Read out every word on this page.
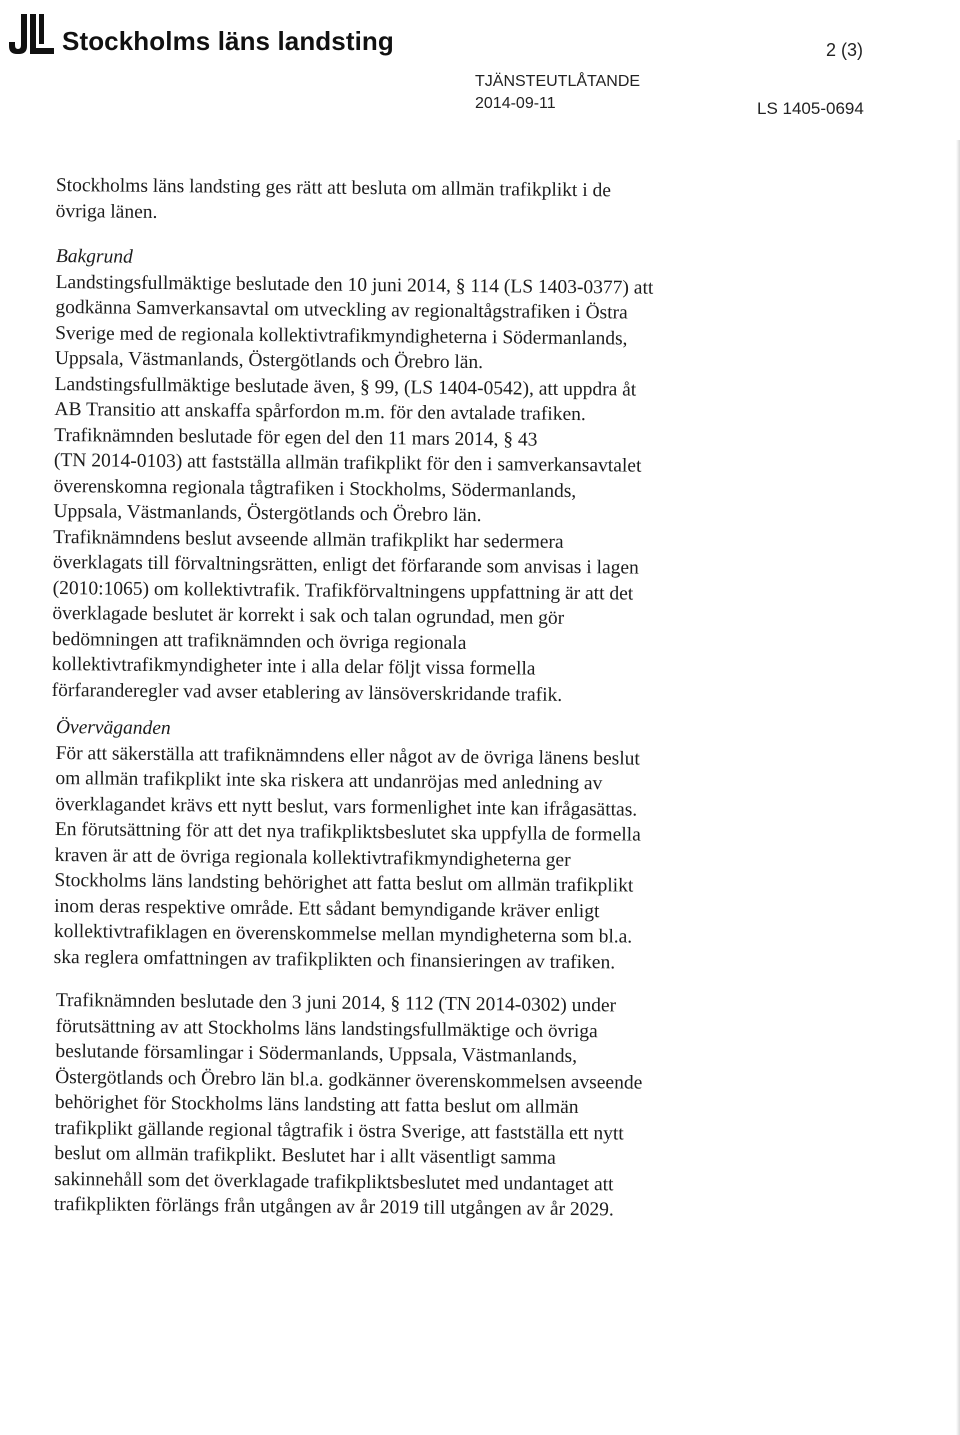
Stockholms läns landsting	2 (3)
TJÄNSTEUTLÅTANDE
2014-09-11	LS 1405-0694

Stockholms läns landsting ges rätt att besluta om allmän trafikplikt i de

övriga länen.

Bakgrund

Landstingsfullmäktige beslutade den 10 juni 2014, § 114 (LS 1403-0377) att

godkänna Samverkansavtal om utveckling av regionaltågstrafiken i Östra

Sverige med de regionala kollektivtrafikmyndigheterna i Södermanlands,

Uppsala, Västmanlands, Östergötlands och Örebro län.

Landstingsfullmäktige beslutade även, § 99, (LS 1404-0542), att uppdra åt

AB Transitio att anskaffa spårfordon m.m. för den avtalade trafiken.

Trafiknämnden beslutade för egen del den 11 mars 2014, § 43

(TN 2014-0103) att fastställa allmän trafikplikt för den i samverkansavtalet

överenskomna regionala tågtrafiken i Stockholms, Södermanlands,

Uppsala, Västmanlands, Östergötlands och Örebro län.

Trafiknämndens beslut avseende allmän trafikplikt har sedermera

överklagats till förvaltningsrätten, enligt det förfarande som anvisas i lagen

(2010:1065) om kollektivtrafik. Trafikförvaltningens uppfattning är att det

överklagade beslutet är korrekt i sak och talan ogrundad, men gör

bedömningen att trafiknämnden och övriga regionala

kollektivtrafikmyndigheter inte i alla delar följt vissa formella

förfaranderegler vad avser etablering av länsöverskridande trafik.

Överväganden

För att säkerställa att trafiknämndens eller något av de övriga länens beslut

om allmän trafikplikt inte ska riskera att undanröjas med anledning av

överklagandet krävs ett nytt beslut, vars formenlighet inte kan ifrågasättas.

En förutsättning för att det nya trafikpliktsbeslutet ska uppfylla de formella

kraven är att de övriga regionala kollektivtrafikmyndigheterna ger

Stockholms läns landsting behörighet att fatta beslut om allmän trafikplikt

inom deras respektive område. Ett sådant bemyndigande kräver enligt

kollektivtrafiklagen en överenskommelse mellan myndigheterna som bl.a.

ska reglera omfattningen av trafikplikten och finansieringen av trafiken.

Trafiknämnden beslutade den 3 juni 2014, § 112 (TN 2014-0302) under

förutsättning av att Stockholms läns landstingsfullmäktige och övriga

beslutande församlingar i Södermanlands, Uppsala, Västmanlands,

Östergötlands och Örebro län bl.a. godkänner överenskommelsen avseende

behörighet för Stockholms läns landsting att fatta beslut om allmän

trafikplikt gällande regional tågtrafik i östra Sverige, att fastställa ett nytt

beslut om allmän trafikplikt. Beslutet har i allt väsentligt samma

sakinnehåll som det överklagade trafikpliktsbeslutet med undantaget att

trafikplikten förlängs från utgången av år 2019 till utgången av år 2029.
